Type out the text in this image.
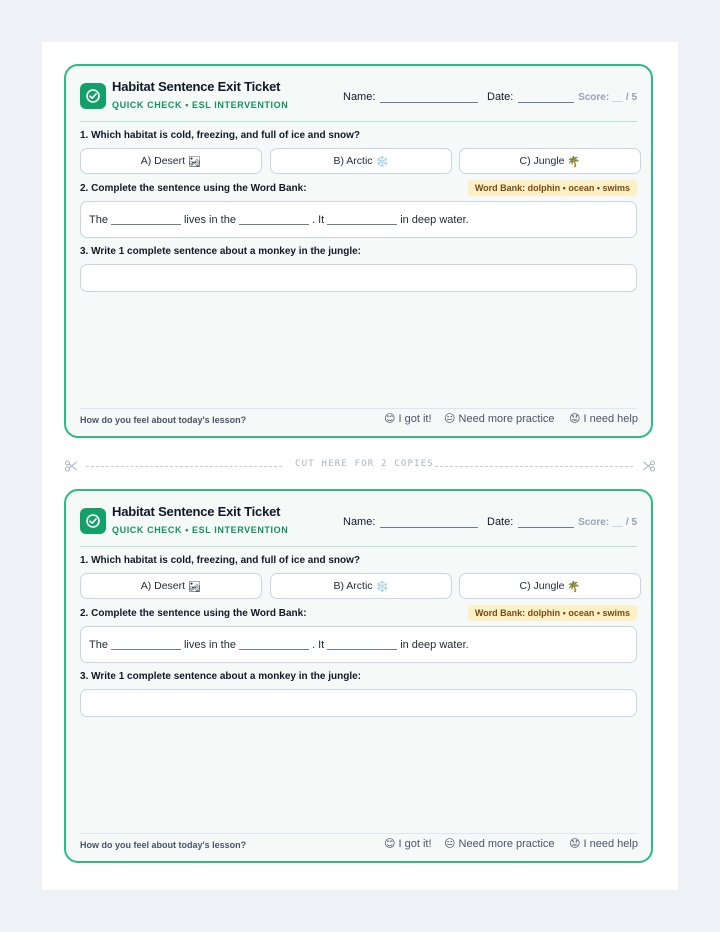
Habitat Sentence Exit Ticket
QUICK CHECK • ESL INTERVENTION
Name:	Date:	Score: __ / 5
1. Which habitat is cold, freezing, and full of ice and snow?
A) Desert
🏜	B) Arctic
❄️	C) Jungle
🌴
2. Complete the sentence using the Word Bank:	Word Bank: dolphin • ocean • swims
The	lives in the	. It	in deep water.
3. Write 1 complete sentence about a monkey in the jungle:
How do you feel about today's lesson?	😊 I got it! 😐 Need more practice 😟 I need help
CUT HERE FOR 2 COPIES
Habitat Sentence Exit Ticket
QUICK CHECK • ESL INTERVENTION
Name:	Date:	Score: __ / 5
1. Which habitat is cold, freezing, and full of ice and snow?
A) Desert
🏜	B) Arctic
❄️	C) Jungle
🌴
2. Complete the sentence using the Word Bank:	Word Bank: dolphin • ocean • swims
The	lives in the	. It	in deep water.
3. Write 1 complete sentence about a monkey in the jungle:
How do you feel about today's lesson?	😊 I got it! 😐 Need more practice 😟 I need help
